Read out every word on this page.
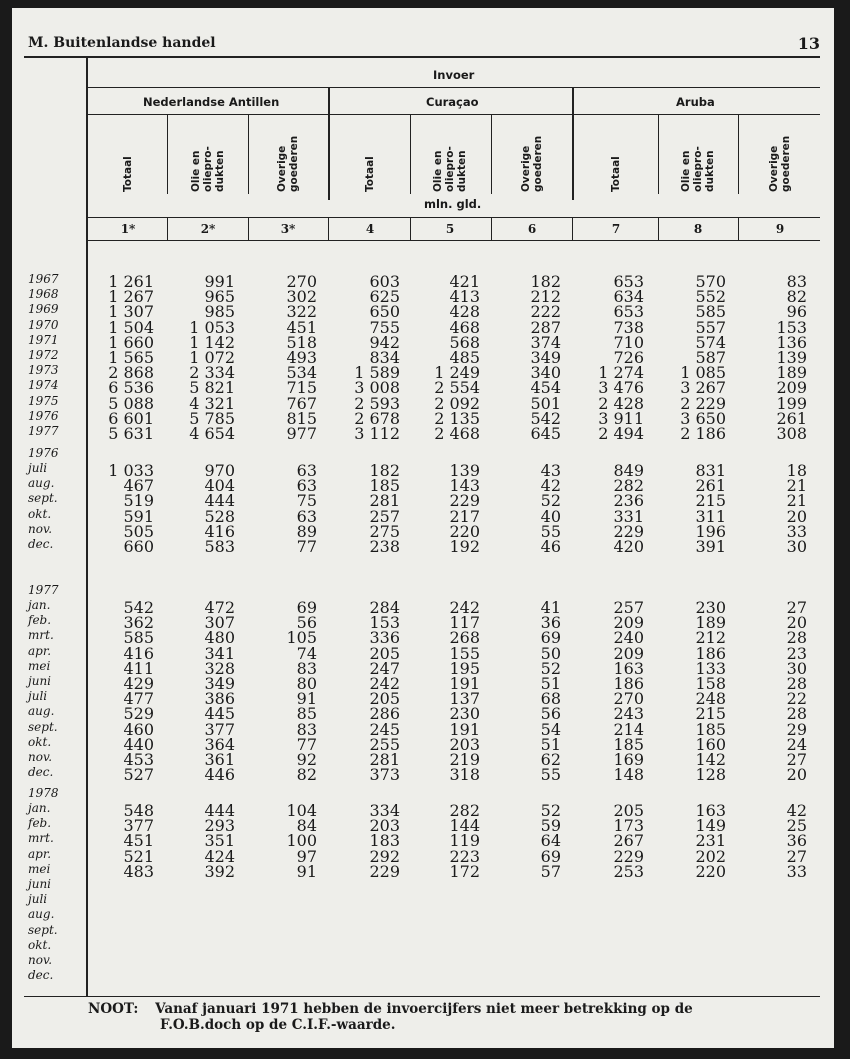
M. Buitenlandse handel	13
Invoer
Nederlandse Antillen	Curaçao	Aruba
Totaal	Olie en oliepro- dukten	Overige goederen	Totaal	Olie en oliepro- dukten	Overige goederen	Totaal	Olie en oliepro- dukten	Overige goederen
mln. gld.
1*	2*	3*	4	5	6	7	8	9
1967	1 261	991	270	603	421	182	653	570	83
1968	1 267	965	302	625	413	212	634	552	82
1969	1 307	985	322	650	428	222	653	585	96
1970	1 504	1 053	451	755	468	287	738	557	153
1971	1 660	1 142	518	942	568	374	710	574	136
1972	1 565	1 072	493	834	485	349	726	587	139
1973	2 868	2 334	534	1 589	1 249	340	1 274	1 085	189
1974	6 536	5 821	715	3 008	2 554	454	3 476	3 267	209
1975	5 088	4 321	767	2 593	2 092	501	2 428	2 229	199
1976	6 601	5 785	815	2 678	2 135	542	3 911	3 650	261
1977	5 631	4 654	977	3 112	2 468	645	2 494	2 186	308
1976
juli	1 033	970	63	182	139	43	849	831	18
aug.	467	404	63	185	143	42	282	261	21
sept.	519	444	75	281	229	52	236	215	21
okt.	591	528	63	257	217	40	331	311	20
nov.	505	416	89	275	220	55	229	196	33
dec.	660	583	77	238	192	46	420	391	30
1977
jan.	542	472	69	284	242	41	257	230	27
feb.	362	307	56	153	117	36	209	189	20
mrt.	585	480	105	336	268	69	240	212	28
apr.	416	341	74	205	155	50	209	186	23
mei	411	328	83	247	195	52	163	133	30
juni	429	349	80	242	191	51	186	158	28
juli	477	386	91	205	137	68	270	248	22
aug.	529	445	85	286	230	56	243	215	28
sept.	460	377	83	245	191	54	214	185	29
okt.	440	364	77	255	203	51	185	160	24
nov.	453	361	92	281	219	62	169	142	27
dec.	527	446	82	373	318	55	148	128	20
1978
jan.	548	444	104	334	282	52	205	163	42
feb.	377	293	84	203	144	59	173	149	25
mrt.	451	351	100	183	119	64	267	231	36
apr.	521	424	97	292	223	69	229	202	27
mei	483	392	91	229	172	57	253	220	33
juni
juli
aug.
sept.
okt.
nov.
dec.
NOOT: Vanaf januari 1971 hebben de invoercijfers niet meer betrekking op de
F.O.B.doch op de C.I.F.-waarde.
